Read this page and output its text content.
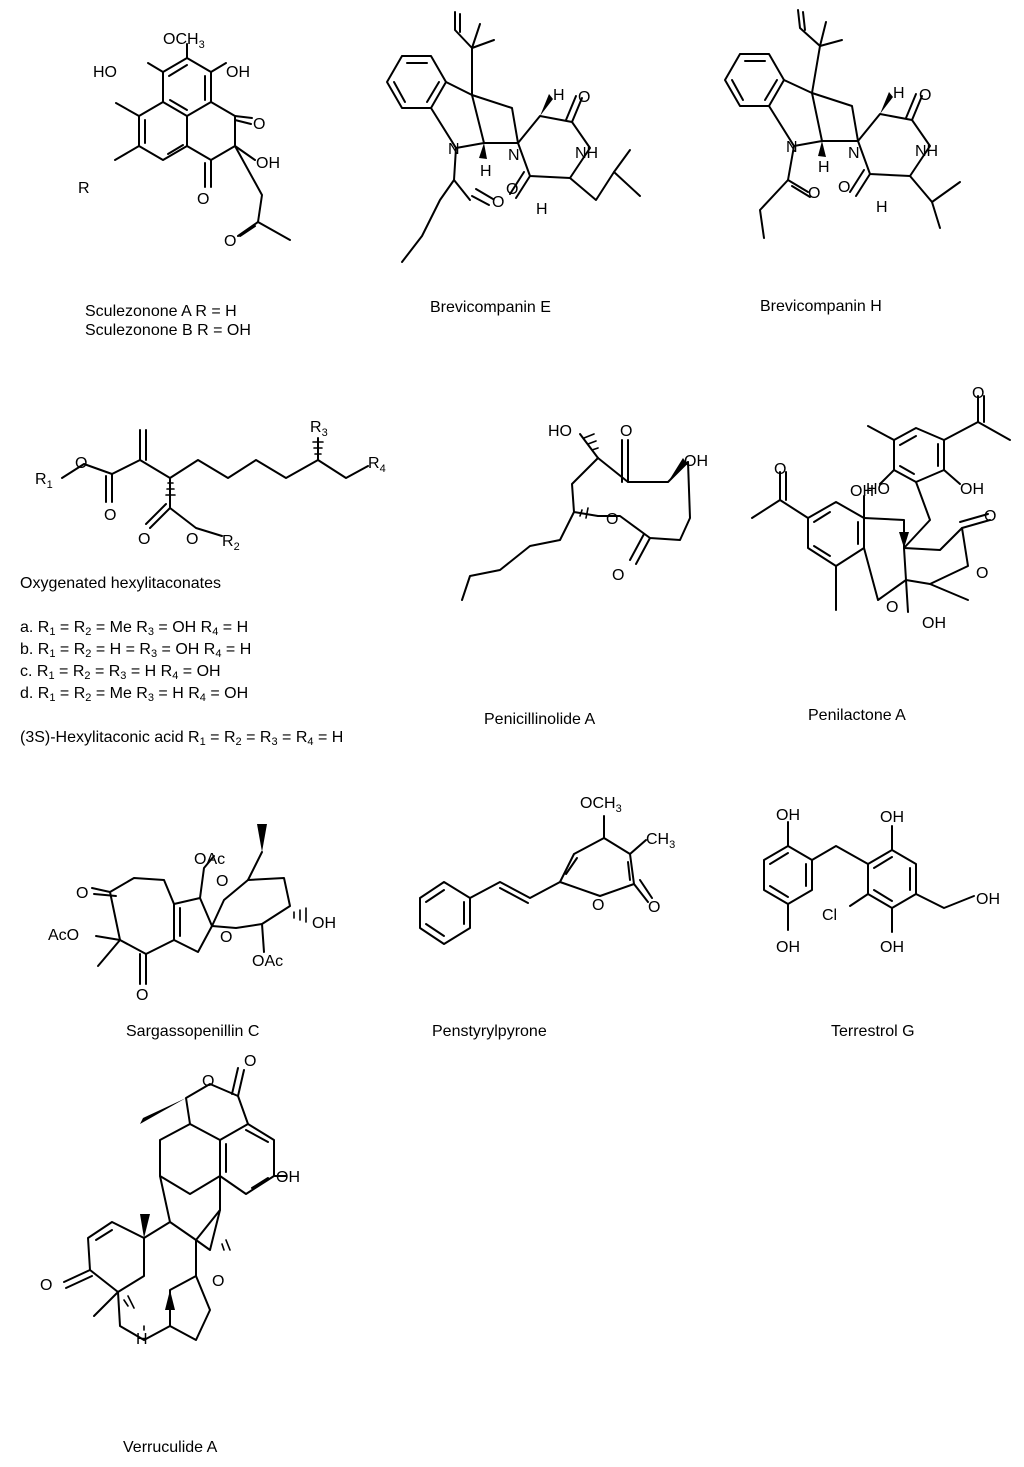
$OCH_3$
HO	OH
O
OH
R
O
O
N	N
H
H O
NH
O
O
H
N	N
H
H O
NH
O O
H
$R_1$
O
O
O O $R_2$
$R_3$
$R_4$
HO	O
OH
O
O
HO	OH
O
OH
O
O
O
O
OH
O
AcO
O
OAc
O
O
OH
OAc
$OCH_3$
$CH_3$
O	O
OH
OH
OH
Cl
OH
OH
O
O
OH
O
O
H
Sculezonone A R = H
Sculezonone B R = OH
Brevicompanin E	Brevicompanin H
Oxygenated hexylitaconates
a. $R_1 = R_2 = Me$ $R_3$ = OH $R_4 = H$
b. $R_1 = R_2 = H = R_3$ = OH $R_4 = H$
c. $R_1 = R_2 = R_3 = H$ $R_4$ = OH
d. $R_1 = R_2 = Me$ $R_3 = H$ $R_4$ = OH
(3S)-Hexylitaconic acid $R_1 = R_2 = R_3 = R_4 = H$
Penicillinolide A	Penilactone A
Sargassopenillin C	Penstyrylpyrone	Terrestrol G
Verruculide A
